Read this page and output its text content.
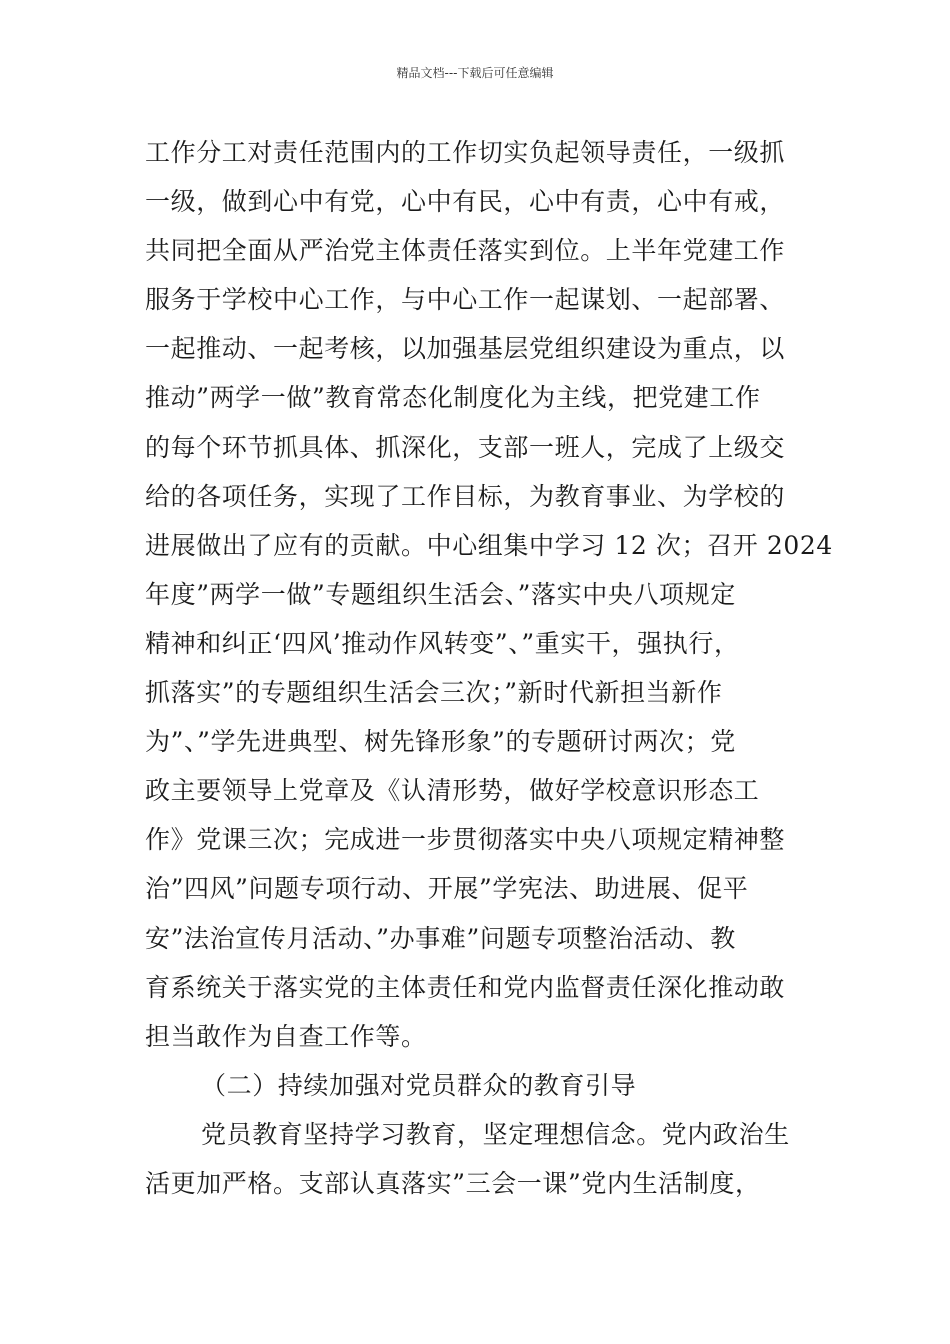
精品文档---下载后可任意编辑
工作分工对责任范围内的工作切实负起领导责任，一级抓
一级，做到心中有党，心中有民，心中有责，心中有戒，
共同把全面从严治党主体责任落实到位。上半年党建工作
服务于学校中心工作，与中心工作一起谋划、一起部署、
一起推动、一起考核，以加强基层党组织建设为重点，以
推动”两学一做”教育常态化制度化为主线，把党建工作
的每个环节抓具体、抓深化，支部一班人，完成了上级交
给的各项任务，实现了工作目标，为教育事业、为学校的
进展做出了应有的贡献。中心组集中学习 12 次；召开 2024
年度”两学一做”专题组织生活会、”落实中央八项规定
精神和纠正‘四风’推动作风转变”、”重实干，强执行，
抓落实”的专题组织生活会三次；”新时代新担当新作
为”、”学先进典型、树先锋形象”的专题研讨两次；党
政主要领导上党章及《认清形势，做好学校意识形态工
作》党课三次；完成进一步贯彻落实中央八项规定精神整
治”四风”问题专项行动、开展”学宪法、助进展、促平
安”法治宣传月活动、”办事难”问题专项整治活动、教
育系统关于落实党的主体责任和党内监督责任深化推动敢
担当敢作为自查工作等。
（二）持续加强对党员群众的教育引导
党员教育坚持学习教育，坚定理想信念。党内政治生
活更加严格。支部认真落实”三会一课”党内生活制度，
